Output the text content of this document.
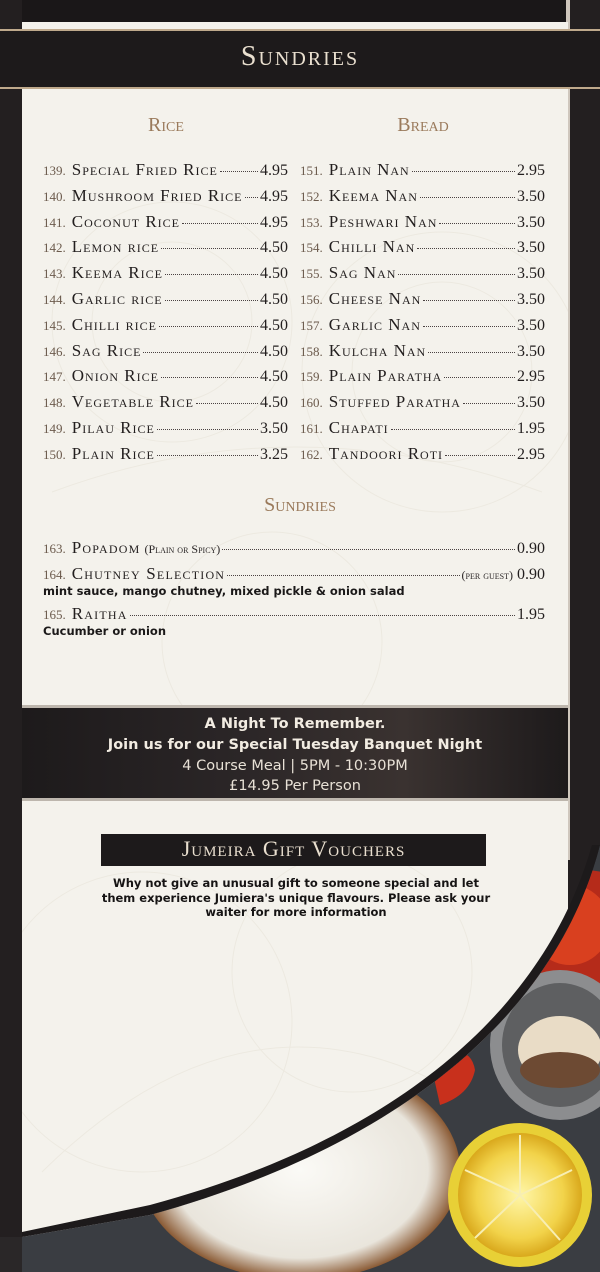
Sundries
Rice	Bread
139. Special Fried Rice	4.95
140. Mushroom Fried Rice 4.95
141. Coconut Rice	4.95
142. Lemon rice	4.50
143. Keema Rice	4.50
144. Garlic rice	4.50
145. Chilli rice	4.50
146. Sag Rice	4.50
147. Onion Rice	4.50
148. Vegetable Rice	4.50
149. Pilau Rice	3.50
150. Plain Rice	3.25
151. Plain Nan	2.95
152. Keema Nan	3.50
153. Peshwari Nan	3.50
154. Chilli Nan	3.50
155. Sag Nan	3.50
156. Cheese Nan	3.50
157. Garlic Nan	3.50
158. Kulcha Nan	3.50
159. Plain Paratha	2.95
160. Stuffed Paratha	3.50
161. Chapati	1.95
162. Tandoori Roti	2.95
Sundries
163. Popadom (Plain or Spicy)	0.90
164. Chutney Selection	(per guest) 0.90
mint sauce, mango chutney, mixed pickle & onion salad
165. Raitha	1.95
Cucumber or onion
A Night To Remember.
Join us for our Special Tuesday Banquet Night
4 Course Meal | 5PM - 10:30PM
£14.95 Per Person
Jumeira Gift Vouchers
Why not give an unusual gift to someone special and let them experience Jumiera's unique flavours. Please ask your waiter for more information
